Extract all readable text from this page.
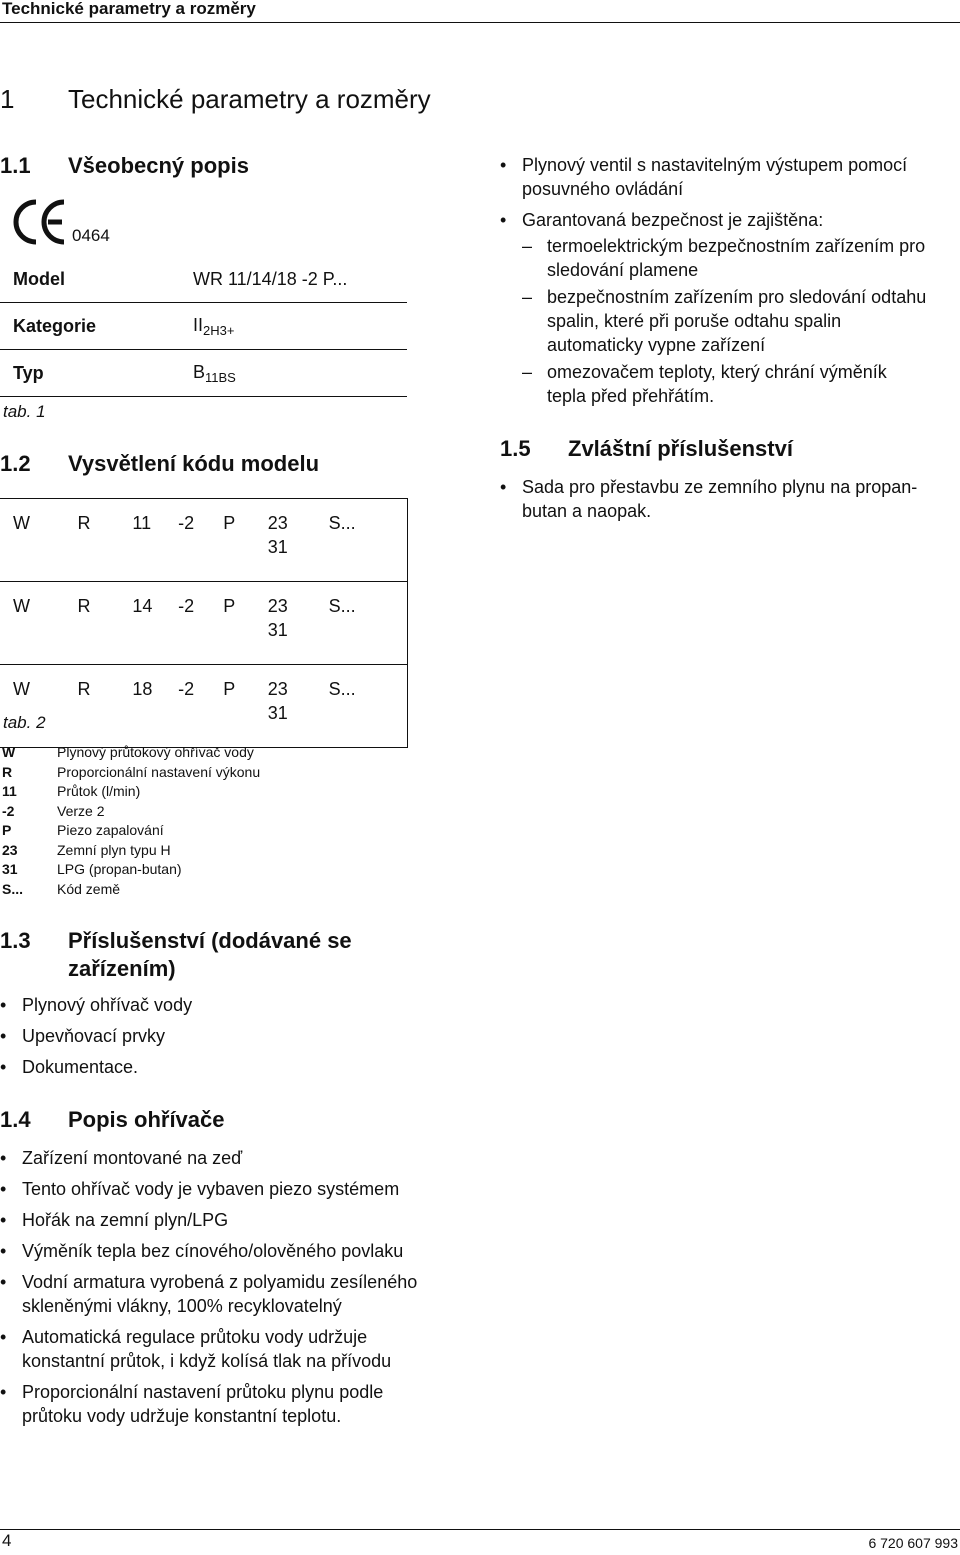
Technické parametry a rozměry
1 Technické parametry a rozměry
1.1 Všeobecný popis
0464
Model	WR 11/14/18 -2 P...
Kategorie	$II_{2H3+}$
Typ	$B_{11BS}$
tab. 1
1.2 Vysvětlení kódu modelu
W	R	11	-2	P	23 31	S...
W	R	14	-2	P	23 31	S...
W	R	18	-2	P	23 31	S...
tab. 2
W	Plynový průtokový ohřívač vody
R	Proporcionální nastavení výkonu
11	Průtok (l/min)
-2	Verze 2
P	Piezo zapalování
23	Zemní plyn typu H
31	LPG (propan-butan)
S... Kód země
1.3 Příslušenství (dodávané se
zařízením)
• Plynový ohřívač vody
• Upevňovací prvky
• Dokumentace.
1.4 Popis ohřívače
• Zařízení montované na zeď
• Tento ohřívač vody je vybaven piezo systémem
• Hořák na zemní plyn/LPG
• Výměník tepla bez cínového/olověného povlaku
• Vodní armatura vyrobená z polyamidu zesíleného
skleněnými vlákny, 100% recyklovatelný
• Automatická regulace průtoku vody udržuje
konstantní průtok, i když kolísá tlak na přívodu
• Proporcionální nastavení průtoku plynu podle
průtoku vody udržuje konstantní teplotu.
• Plynový ventil s nastavitelným výstupem pomocí
posuvného ovládání
• Garantovaná bezpečnost je zajištěna:
– termoelektrickým bezpečnostním zařízením pro
sledování plamene
– bezpečnostním zařízením pro sledování odtahu
spalin, které při poruše odtahu spalin
automaticky vypne zařízení
– omezovačem teploty, který chrání výměník
tepla před přehřátím.
1.5 Zvláštní příslušenství
• Sada pro přestavbu ze zemního plynu na propan-
butan a naopak.
4	6 720 607 993
